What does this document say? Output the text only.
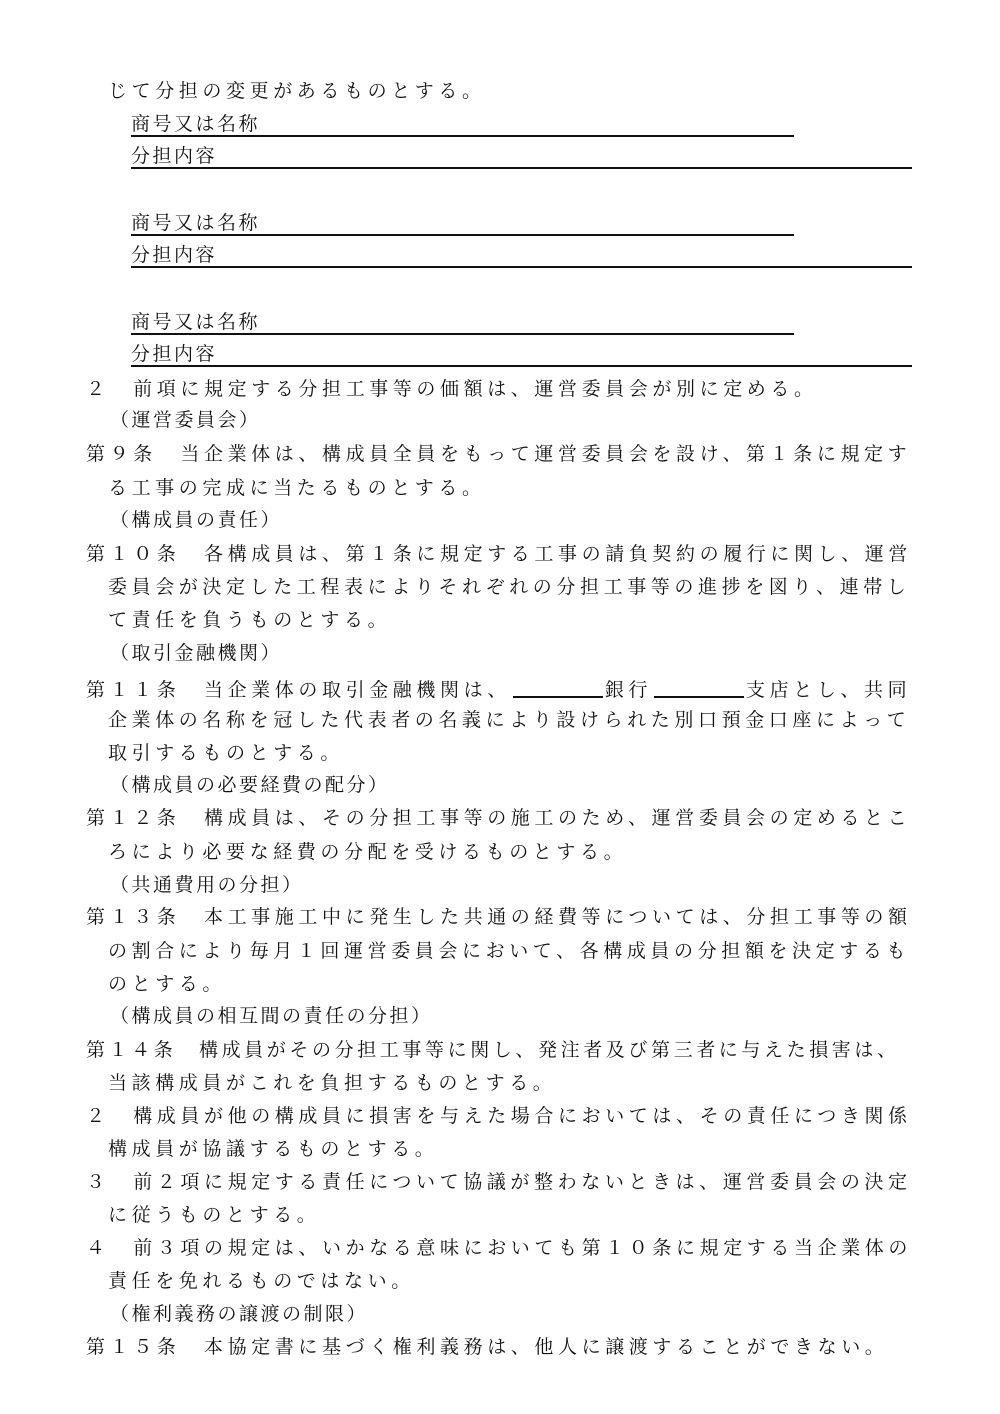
じて分担の変更があるものとする。
商号又は名称
分担内容
商号又は名称
分担内容
商号又は名称
分担内容
２　前項に規定する分担工事等の価額は、運営委員会が別に定める。
（運営委員会）
第９条　当企業体は、構成員全員をもって運営委員会を設け、第１条に規定す
る工事の完成に当たるものとする。
（構成員の責任）
第１０条　各構成員は、第１条に規定する工事の請負契約の履行に関し、運営
委員会が決定した工程表によりそれぞれの分担工事等の進捗を図り、連帯し
て責任を負うものとする。
（取引金融機関）
第１１条　当企業体の取引金融機関は、	銀行	支店とし、共同
企業体の名称を冠した代表者の名義により設けられた別口預金口座によって
取引するものとする。
（構成員の必要経費の配分）
第１２条　構成員は、その分担工事等の施工のため、運営委員会の定めるとこ
ろにより必要な経費の分配を受けるものとする。
（共通費用の分担）
第１３条　本工事施工中に発生した共通の経費等については、分担工事等の額
の割合により毎月１回運営委員会において、各構成員の分担額を決定するも
のとする。
（構成員の相互間の責任の分担）
第１４条　構成員がその分担工事等に関し、発注者及び第三者に与えた損害は、
当該構成員がこれを負担するものとする。
２　構成員が他の構成員に損害を与えた場合においては、その責任につき関係
構成員が協議するものとする。
３　前２項に規定する責任について協議が整わないときは、運営委員会の決定
に従うものとする。
４　前３項の規定は、いかなる意味においても第１０条に規定する当企業体の
責任を免れるものではない。
（権利義務の譲渡の制限）
第１５条　本協定書に基づく権利義務は、他人に譲渡することができない。
